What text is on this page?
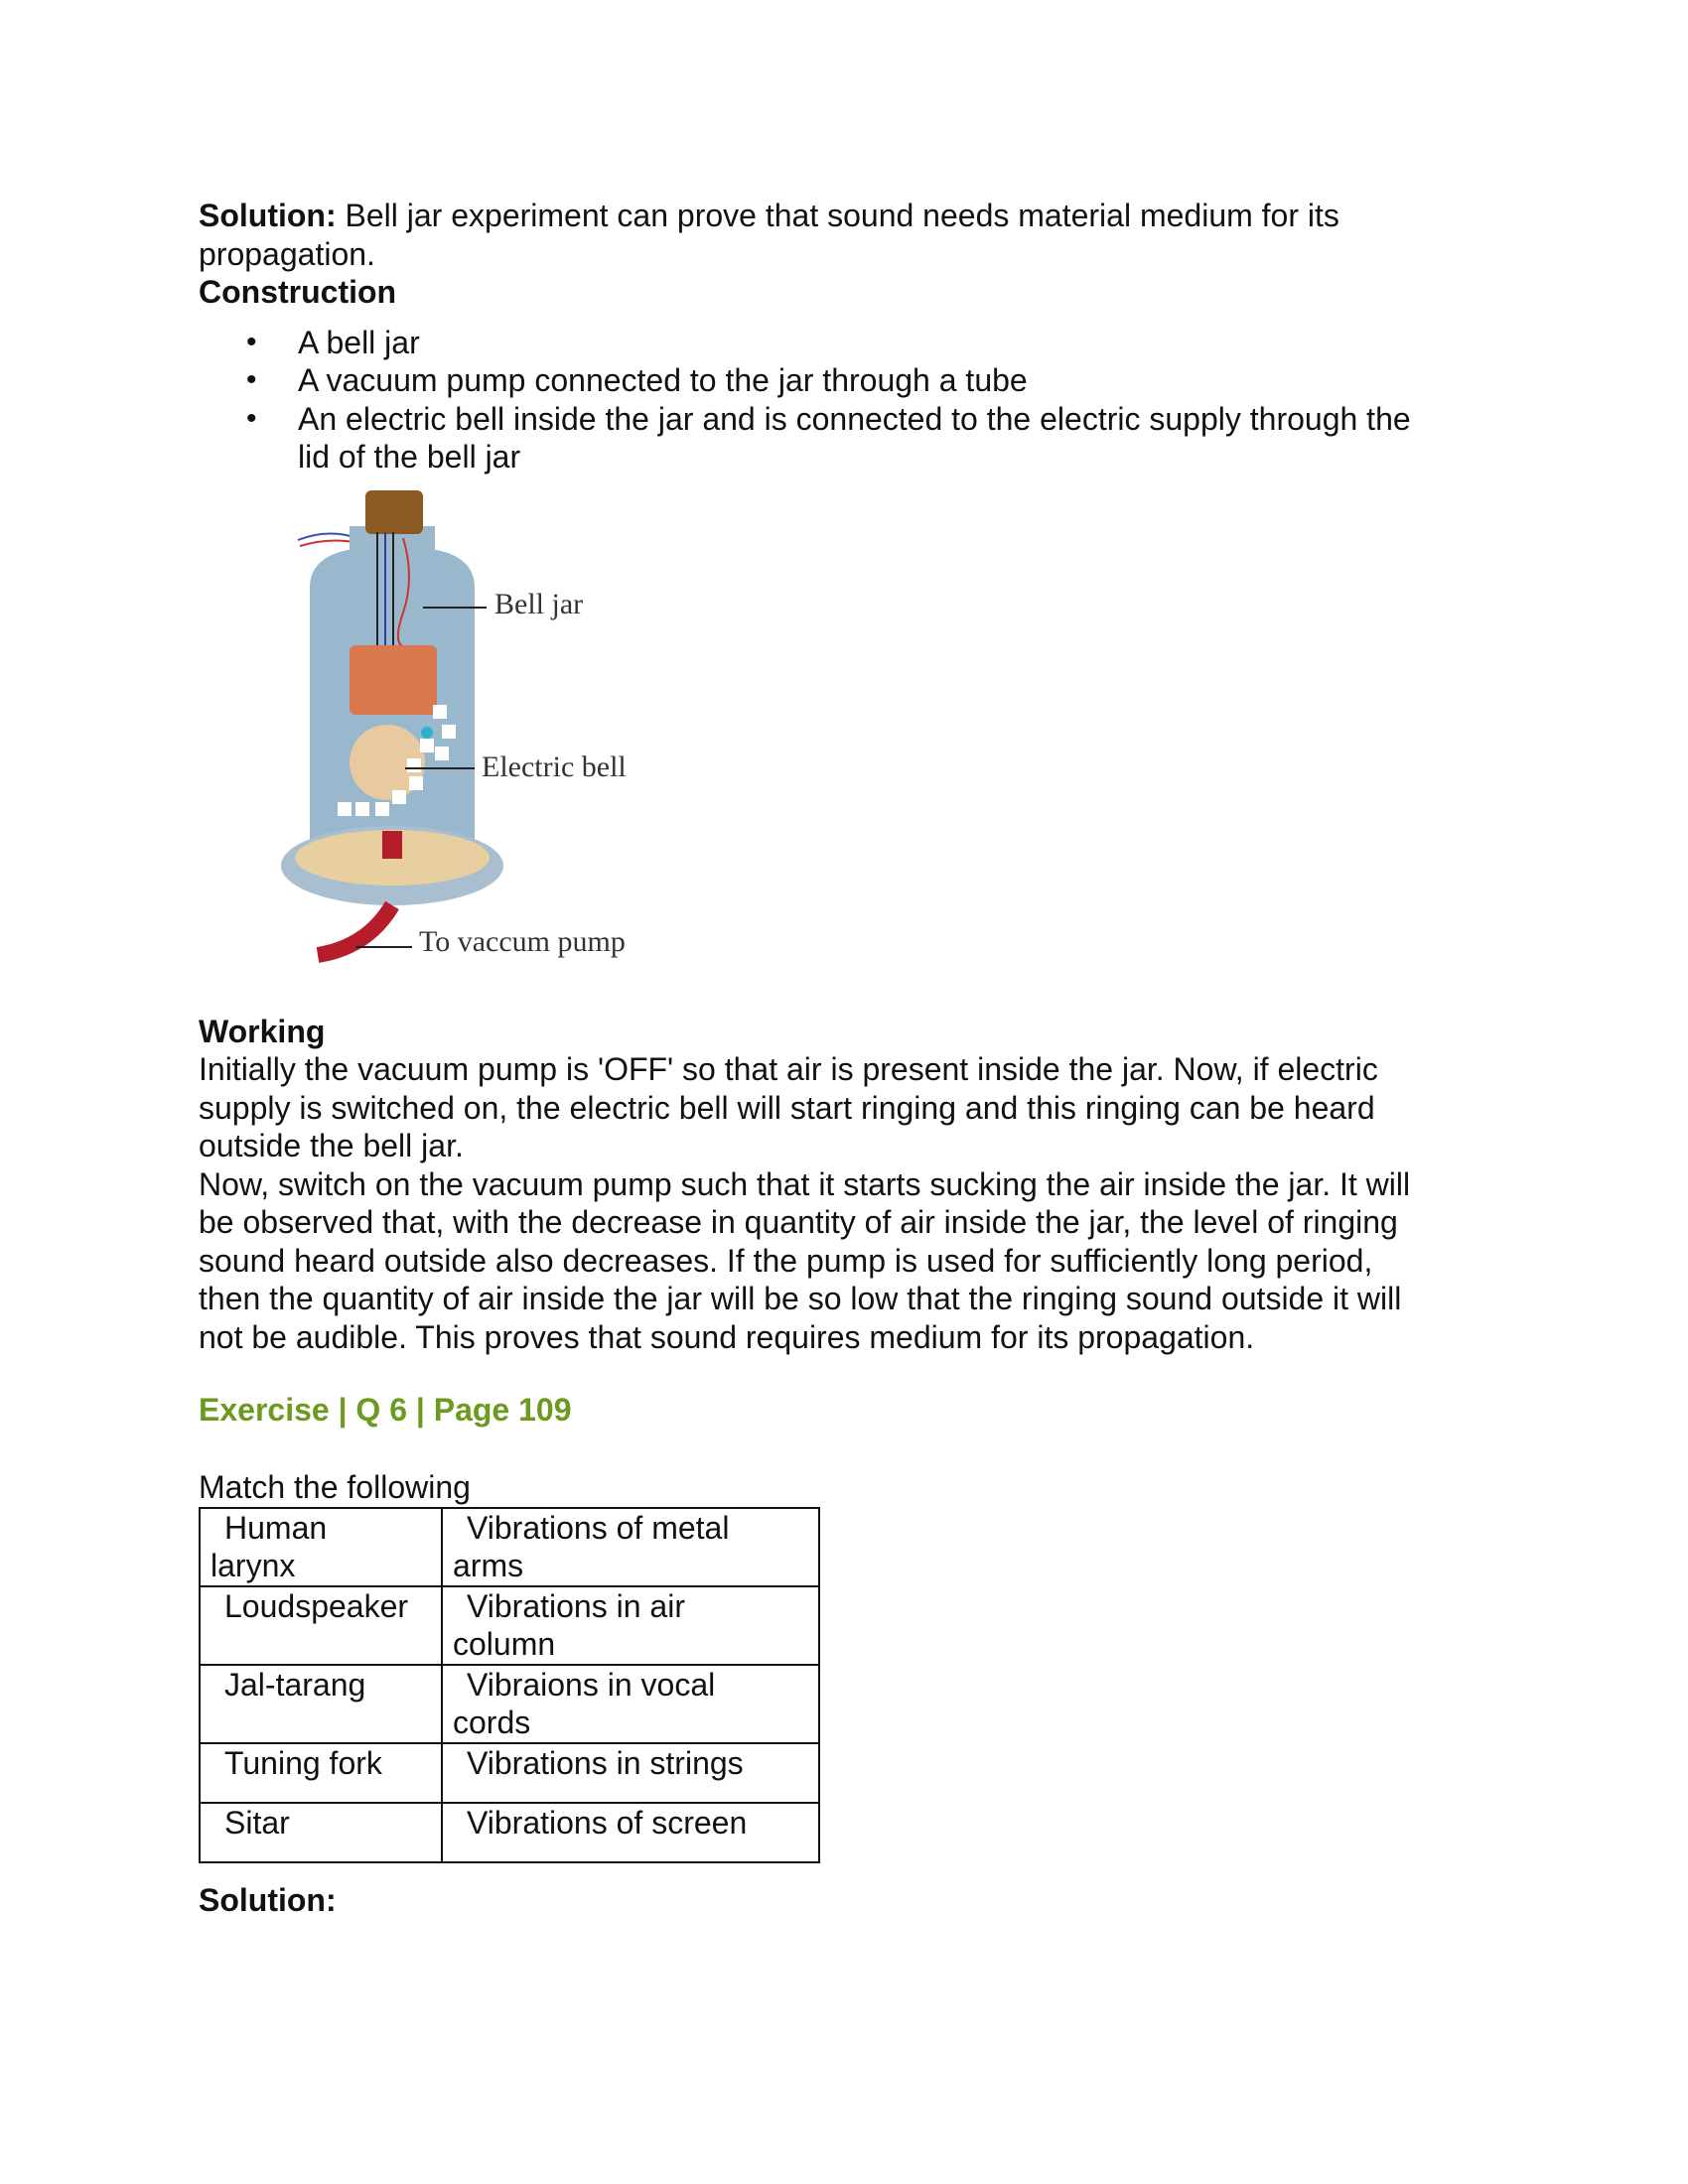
Solution: Bell jar experiment can prove that sound needs material medium for its

propagation.

Construction

• A bell jar
• A vacuum pump connected to the jar through a tube
• An electric bell inside the jar and is connected to the electric supply through the
lid of the bell jar
Bell jar
Electric bell
To vaccum pump

Working

Initially the vacuum pump is 'OFF' so that air is present inside the jar. Now, if electric

supply is switched on, the electric bell will start ringing and this ringing can be heard

outside the bell jar.

Now, switch on the vacuum pump such that it starts sucking the air inside the jar. It will

be observed that, with the decrease in quantity of air inside the jar, the level of ringing

sound heard outside also decreases. If the pump is used for sufficiently long period,

then the quantity of air inside the jar will be so low that the ringing sound outside it will

not be audible. This proves that sound requires medium for its propagation.

Exercise | Q 6 | Page 109

Match the following

Human
larynx	Vibrations of metal
arms

Loudspeaker	Vibrations in air
column

Jal-tarang	Vibraions in vocal
cords

Tuning fork	Vibrations in strings

Sitar	Vibrations of screen

Solution:
